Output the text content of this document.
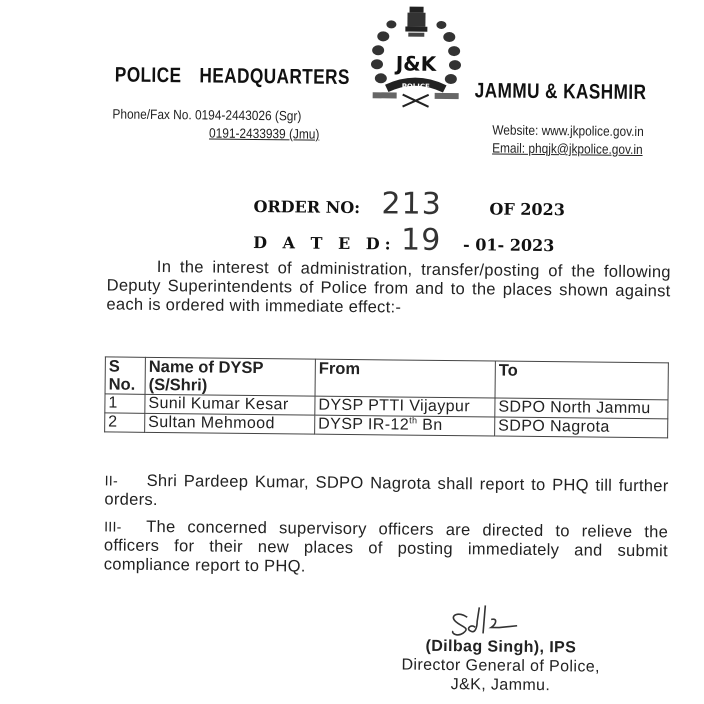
POLICE HEADQUARTERS
J&K
POLICE JAMMU & KASHMIR
Phone/Fax No. 0194-2443026 (Sgr)
0191-2433939 (Jmu)	Website: www.jkpolice.gov.in
Email: phqjk@jkpolice.gov.in
ORDER NO: 213	OF 2023
D A T E D: 19	- 01- 2023

In the interest of administration, transfer/posting of the following Deputy Superintendents of Police from and to the places shown against each is ordered with immediate effect:-

S No.	Name of DYSP (S/Shri)	From	To
1	Sunil Kumar Kesar	DYSP PTTI Vijaypur	SDPO North Jammu
2	Sultan Mehmood	DYSP IR-12th Bn	SDPO Nagrota

II- Shri Pardeep Kumar, SDPO Nagrota shall report to PHQ till further orders.

III- The concerned supervisory officers are directed to relieve the officers for their new places of posting immediately and submit compliance report to PHQ.

(Dilbag Singh), IPS
Director General of Police,
J&K, Jammu.
